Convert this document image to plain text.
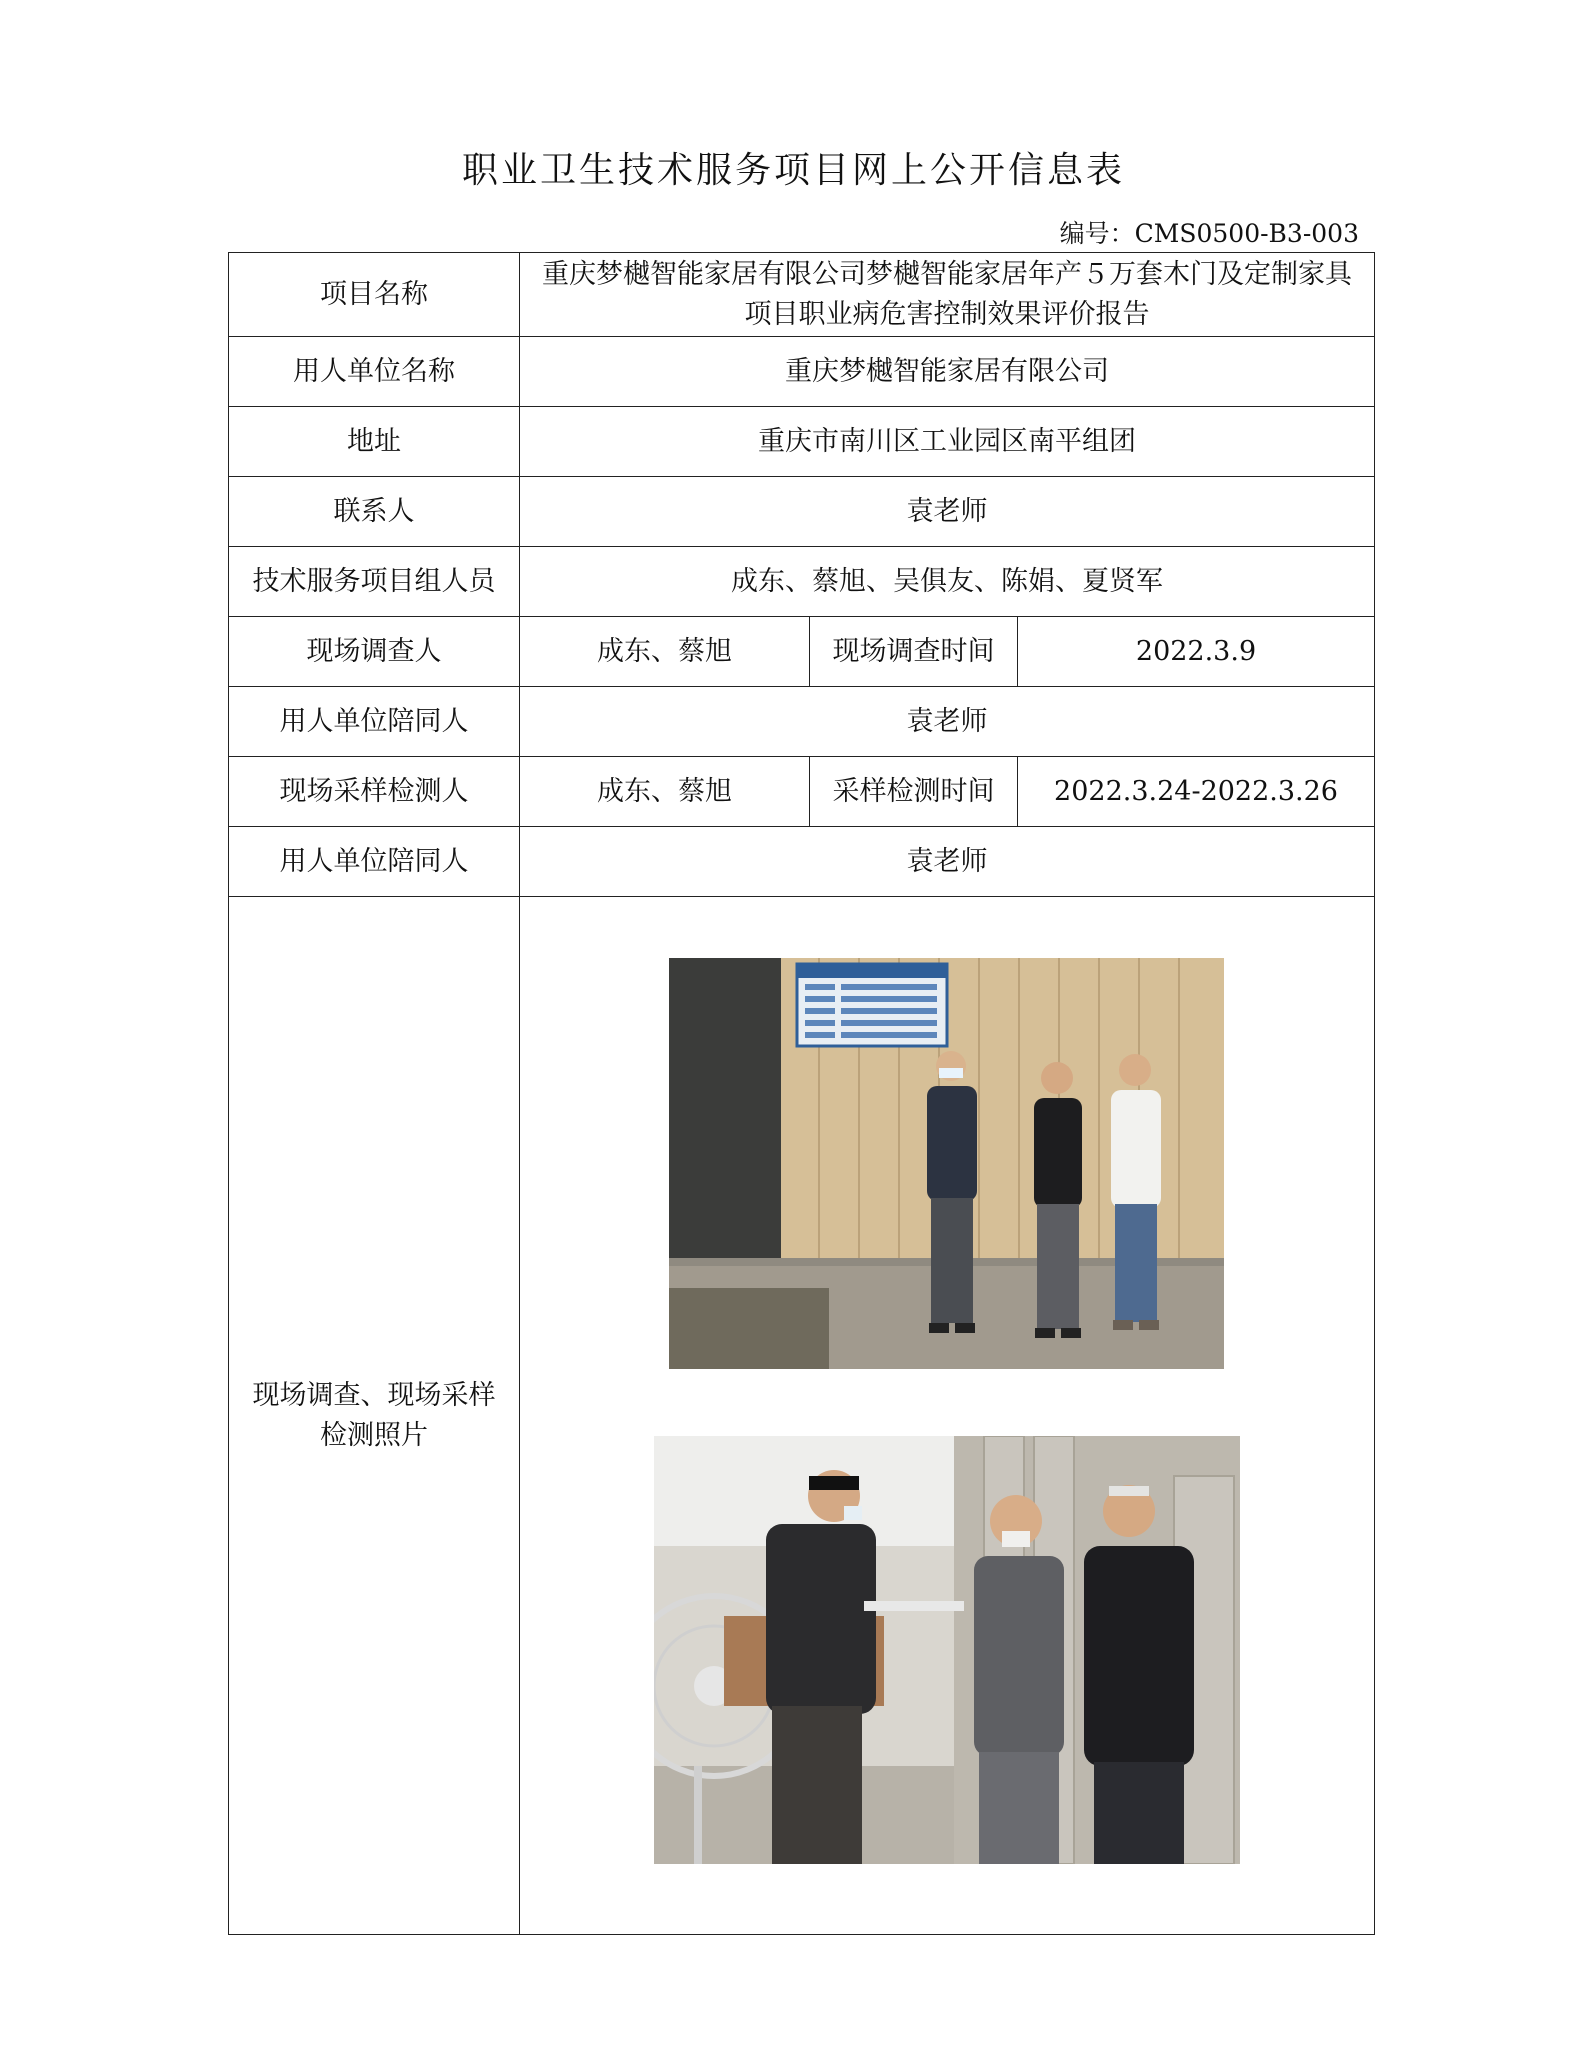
职业卫生技术服务项目网上公开信息表
编号：CMS0500-B3-003
项目名称	重庆梦樾智能家居有限公司梦樾智能家居年产５万套木门及定制家具项目职业病危害控制效果评价报告		
用人单位名称	重庆梦樾智能家居有限公司		
地址	重庆市南川区工业园区南平组团		
联系人	袁老师		
技术服务项目组人员	成东、蔡旭、吴俱友、陈娟、夏贤军		
现场调查人	成东、蔡旭	现场调查时间	2022.3.9
用人单位陪同人	袁老师		
现场采样检测人	成东、蔡旭	采样检测时间	2022.3.24-2022.3.26
用人单位陪同人	袁老师		
现场调查、现场采样检测照片	
